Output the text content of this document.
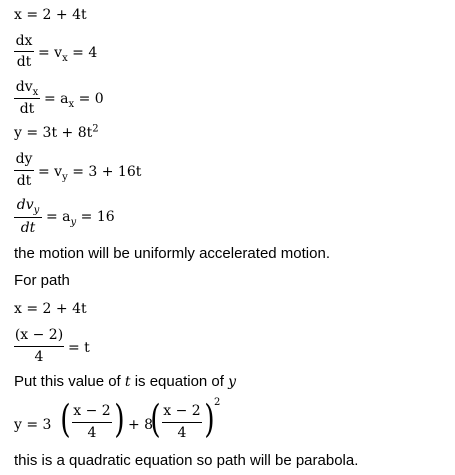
x = 2 + 4t
dx
dt
= $v_x = 4$
$dv_x$
dt
= $a_x = 0$
$y = 3t + 8t^2$
dy
dt
= $v_y = 3 + 16t$
$dv_y$
dt
= $a_y = 16$
the motion will be uniformly accelerated motion.
For path
x = 2 + 4t
(x − 2)
4
= t
Put this value of t is equation of y
y = 3 ( x − 2
4 ) + 8
( x − 2
4 ) 2
this is a quadratic equation so path will be parabola.
